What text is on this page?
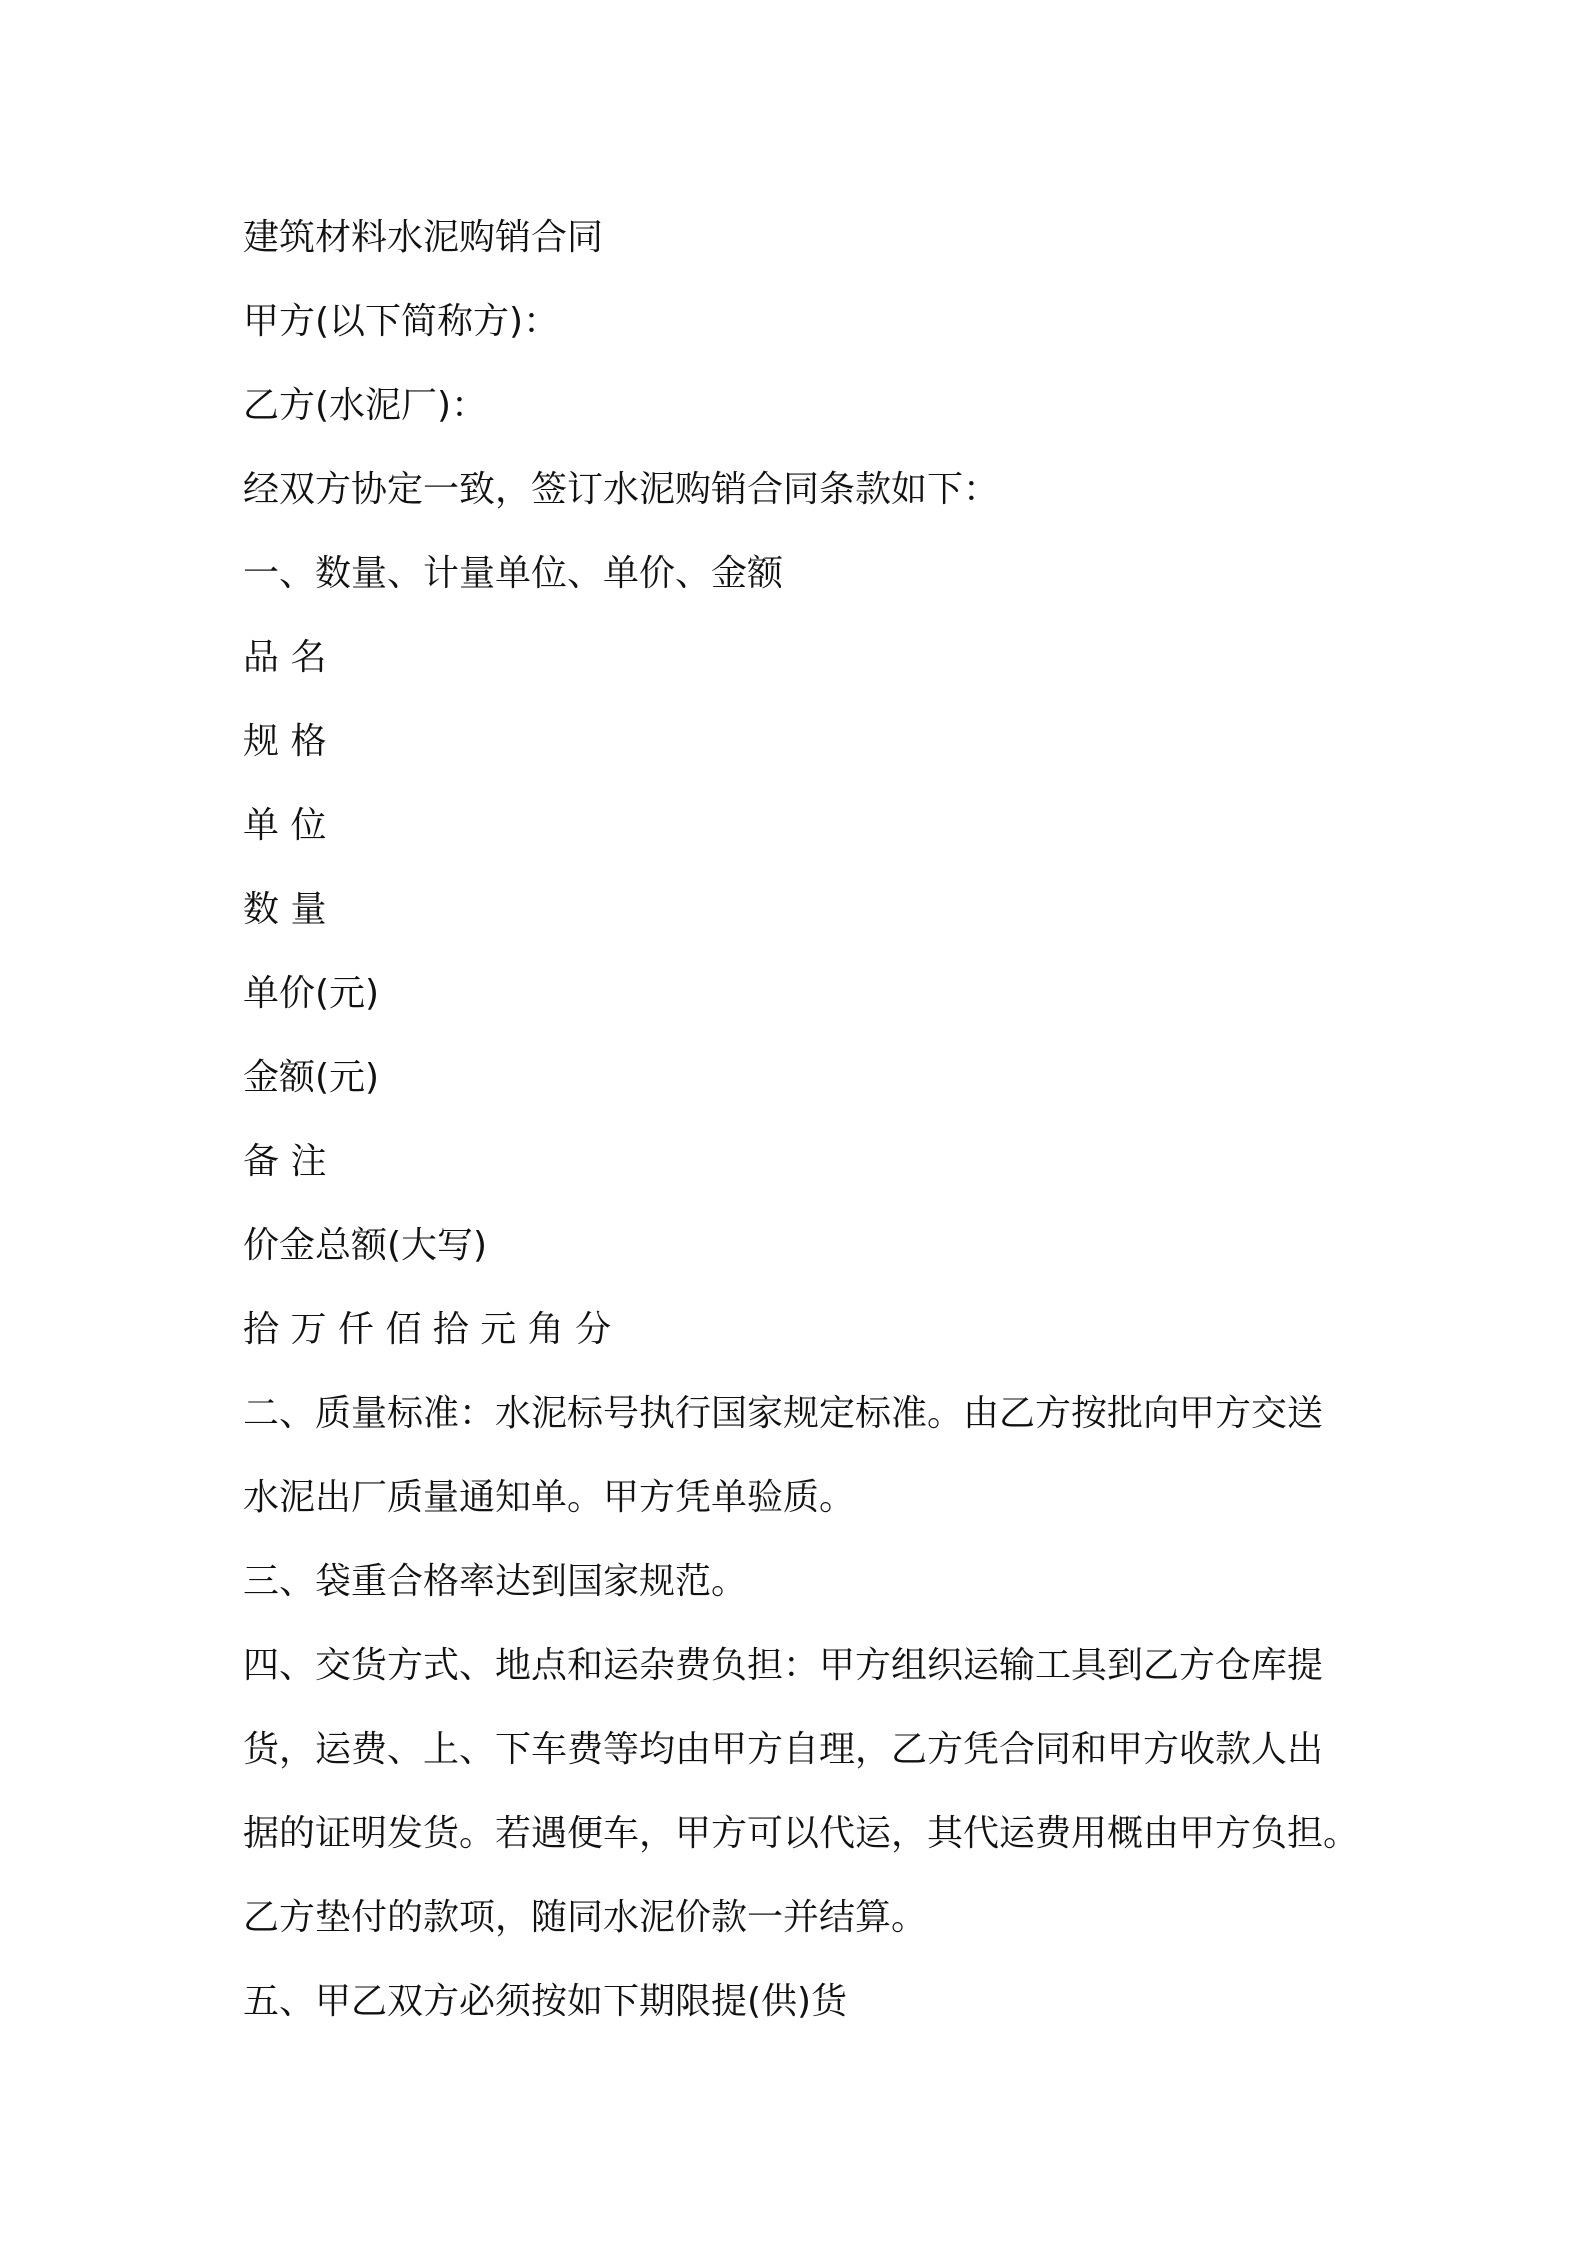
建筑材料水泥购销合同

甲方(以下简称方)：

乙方(水泥厂)：

经双方协定一致，签订水泥购销合同条款如下：

一、数量、计量单位、单价、金额

品 名

规 格

单 位

数 量

单价(元)

金额(元)

备 注

价金总额(大写)

拾 万 仟 佰 拾 元 角 分

二、质量标准：水泥标号执行国家规定标准。由乙方按批向甲方交送

水泥出厂质量通知单。甲方凭单验质。

三、袋重合格率达到国家规范。

四、交货方式、地点和运杂费负担：甲方组织运输工具到乙方仓库提

货，运费、上、下车费等均由甲方自理，乙方凭合同和甲方收款人出

据的证明发货。若遇便车，甲方可以代运，其代运费用概由甲方负担。

乙方垫付的款项，随同水泥价款一并结算。

五、甲乙双方必须按如下期限提(供)货
